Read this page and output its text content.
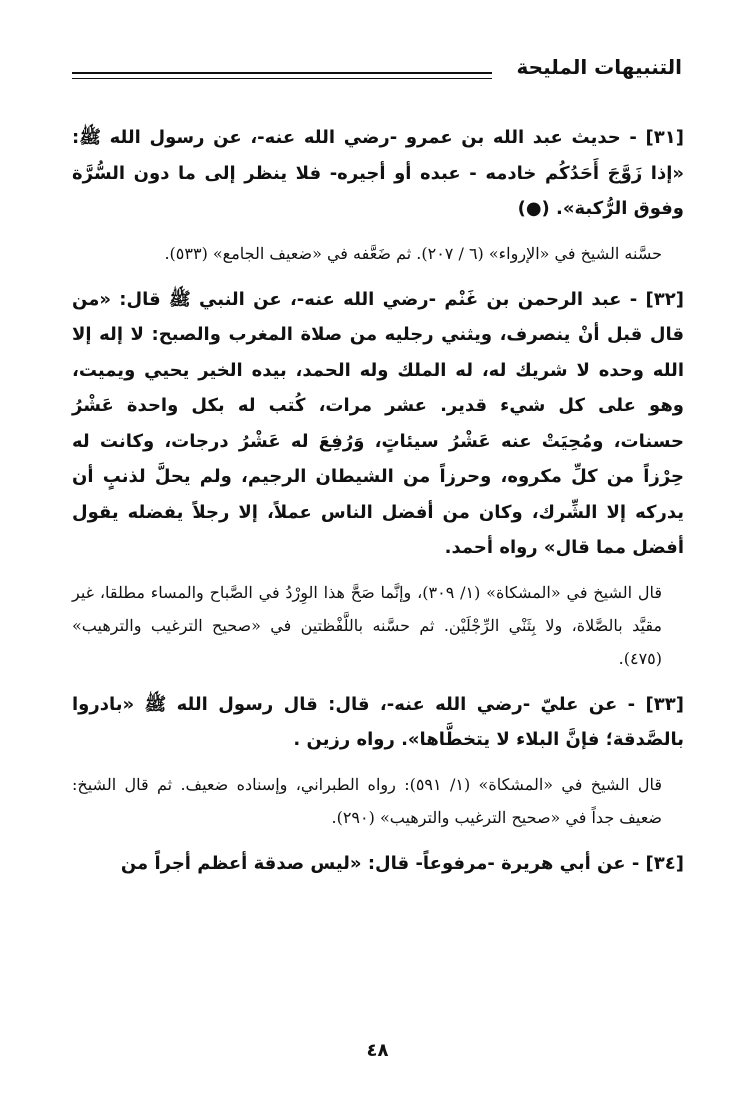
التنبيهات المليحة

[٣١] - حديث عبد الله بن عمرو -رضي الله عنه-، عن رسول الله ﷺ: «إذا زَوَّجَ أَحَدُكُم خادمه - عبده أو أجيره- فلا ينظر إلى ما دون السُّرَّة وفوق الرُّكبة». (●)

حسَّنه الشيخ في «الإرواء» (٦ / ٢٠٧). ثم ضَعَّفه في «ضعيف الجامع» (٥٣٣).

[٣٢] - عبد الرحمن بن غَنْم -رضي الله عنه-، عن النبي ﷺ قال: «من قال قبل أنْ ينصرف، ويثني رجليه من صلاة المغرب والصبح: لا إله إلا الله وحده لا شريك له، له الملك وله الحمد، بيده الخير يحيي ويميت، وهو على كل شيء قدير. عشر مرات، كُتب له بكل واحدة عَشْرُ حسنات، ومُحِيَتْ عنه عَشْرُ سيئاتٍ، وَرُفِعَ له عَشْرُ درجات، وكانت له حِرْزاً من كلِّ مكروه، وحرزاً من الشيطان الرجيم، ولم يحلَّ لذنبٍ أن يدركه إلا الشِّرك، وكان من أفضل الناس عملاً، إلا رجلاً يفضله يقول أفضل مما قال» رواه أحمد.

قال الشيخ في «المشكاة» (١/ ٣٠٩)، وإنَّما صَحَّ هذا الوِرْدُ في الصَّباح والمساء مطلقا، غير مقيَّد بالصَّلاة، ولا بِثَنْي الرِّجْلَيْن. ثم حسَّنه باللَّفْظتين في «صحيح الترغيب والترهيب» (٤٧٥).

[٣٣] - عن عليّ -رضي الله عنه-، قال: قال رسول الله ﷺ «بادروا بالصَّدقة؛ فإنَّ البلاء لا يتخطَّاها». رواه رزين .

قال الشيخ في «المشكاة» (١/ ٥٩١): رواه الطبراني، وإسناده ضعيف. ثم قال الشيخ: ضعيف جداً في «صحيح الترغيب والترهيب» (٢٩٠).

[٣٤] - عن أبي هريرة -مرفوعاً- قال: «ليس صدقة أعظم أجراً من

٤٨
